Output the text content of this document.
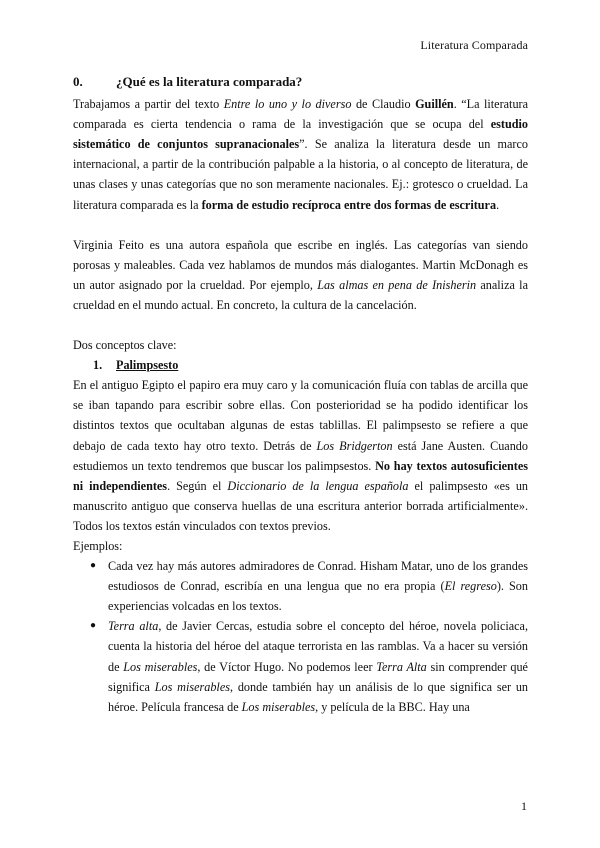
Literatura Comparada
0.	¿Qué es la literatura comparada?

Trabajamos a partir del texto Entre lo uno y lo diverso de Claudio Guillén. “La literatura comparada es cierta tendencia o rama de la investigación que se ocupa del estudio sistemático de conjuntos supranacionales”. Se analiza la literatura desde un marco internacional, a partir de la contribución palpable a la historia, o al concepto de literatura, de unas clases y unas categorías que no son meramente nacionales. Ej.: grotesco o crueldad. La literatura comparada es la forma de estudio recíproca entre dos formas de escritura.

Virginia Feito es una autora española que escribe en inglés. Las categorías van siendo porosas y maleables. Cada vez hablamos de mundos más dialogantes. Martin McDonagh es un autor asignado por la crueldad. Por ejemplo, Las almas en pena de Inisherin analiza la crueldad en el mundo actual. En concreto, la cultura de la cancelación.

Dos conceptos clave:

1.	Palimpsesto

En el antiguo Egipto el papiro era muy caro y la comunicación fluía con tablas de arcilla que se iban tapando para escribir sobre ellas. Con posterioridad se ha podido identificar los distintos textos que ocultaban algunas de estas tablillas. El palimpsesto se refiere a que debajo de cada texto hay otro texto. Detrás de Los Bridgerton está Jane Austen. Cuando estudiemos un texto tendremos que buscar los palimpsestos. No hay textos autosuficientes ni independientes. Según el Diccionario de la lengua española el palimpsesto «es un manuscrito antiguo que conserva huellas de una escritura anterior borrada artificialmente». Todos los textos están vinculados con textos previos.

Ejemplos:

● Cada vez hay más autores admiradores de Conrad. Hisham Matar, uno de los grandes estudiosos de Conrad, escribía en una lengua que no era propia (El regreso). Son experiencias volcadas en los textos.
● Terra alta, de Javier Cercas, estudia sobre el concepto del héroe, novela policiaca, cuenta la historia del héroe del ataque terrorista en las ramblas. Va a hacer su versión de Los miserables, de Víctor Hugo. No podemos leer Terra Alta sin comprender qué significa Los miserables, donde también hay un análisis de lo que significa ser un héroe. Película francesa de Los miserables, y película de la BBC. Hay una
1
